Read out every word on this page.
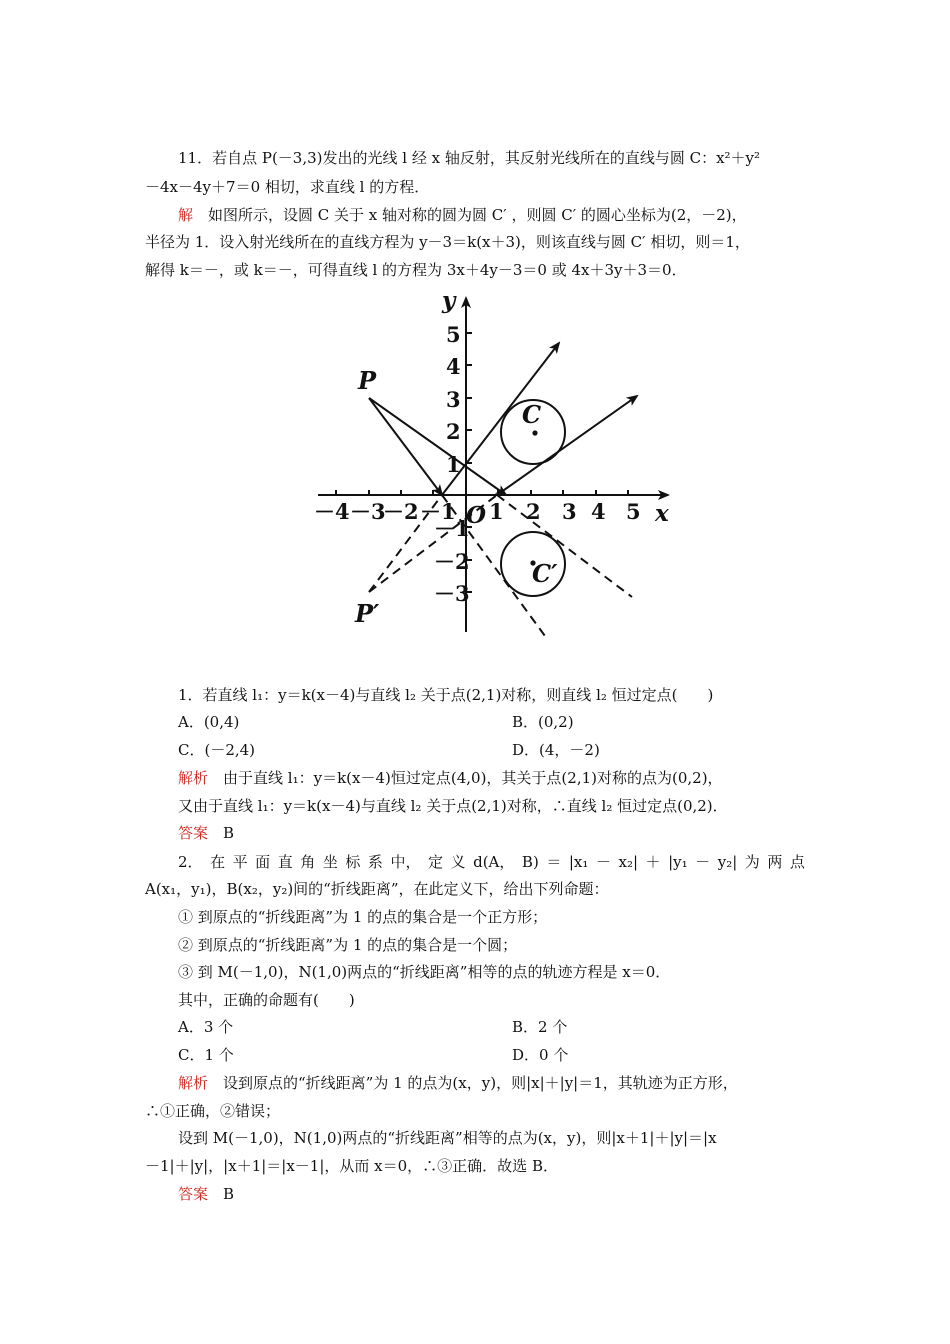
11．若自点 P(－3,3)发出的光线 l 经 x 轴反射，其反射光线所在的直线与圆 C：x²＋y²
－4x－4y＋7＝0 相切，求直线 l 的方程．
解　如图所示，设圆 C 关于 x 轴对称的圆为圆 C′ ，则圆 C′ 的圆心坐标为(2，－2)，
半径为 1．设入射光线所在的直线方程为 y－3＝k(x＋3)，则该直线与圆 C′ 相切，则＝1，
解得 k＝－，或 k＝－，可得直线 l 的方程为 3x＋4y－3＝0 或 4x＋3y＋3＝0．
－4 －3
－2 －1 1 2 3 4 5
5
4
3
2
1
－1
－2
－3
x
y
O
P
P′
C
C′
1．若直线 l₁：y＝k(x－4)与直线 l₂ 关于点(2,1)对称，则直线 l₂ 恒过定点(　　)
A．(0,4)	B．(0,2)
C．(－2,4)	D．(4，－2)
解析　由于直线 l₁：y＝k(x－4)恒过定点(4,0)，其关于点(2,1)对称的点为(0,2)，
又由于直线 l₁：y＝k(x－4)与直线 l₂ 关于点(2,1)对称，∴直线 l₂ 恒过定点(0,2)．
答案　B
2． 在 平 面 直 角 坐 标 系 中， 定 义 d(A， B) ＝ |x₁ － x₂| ＋ |y₁ － y₂| 为 两 点
A(x₁，y₁)，B(x₂，y₂)间的“折线距离”，在此定义下，给出下列命题：
① 到原点的“折线距离”为 1 的点的集合是一个正方形；
② 到原点的“折线距离”为 1 的点的集合是一个圆；
③ 到 M(－1,0)，N(1,0)两点的“折线距离”相等的点的轨迹方程是 x＝0．
其中，正确的命题有(　　)
A．3 个	B．2 个
C．1 个	D．0 个
解析　设到原点的“折线距离”为 1 的点为(x，y)，则|x|＋|y|＝1，其轨迹为正方形，
∴①正确，②错误；
设到 M(－1,0)，N(1,0)两点的“折线距离”相等的点为(x，y)，则|x＋1|＋|y|＝|x
－1|＋|y|，|x＋1|＝|x－1|，从而 x＝0，∴③正确．故选 B．
答案　B
